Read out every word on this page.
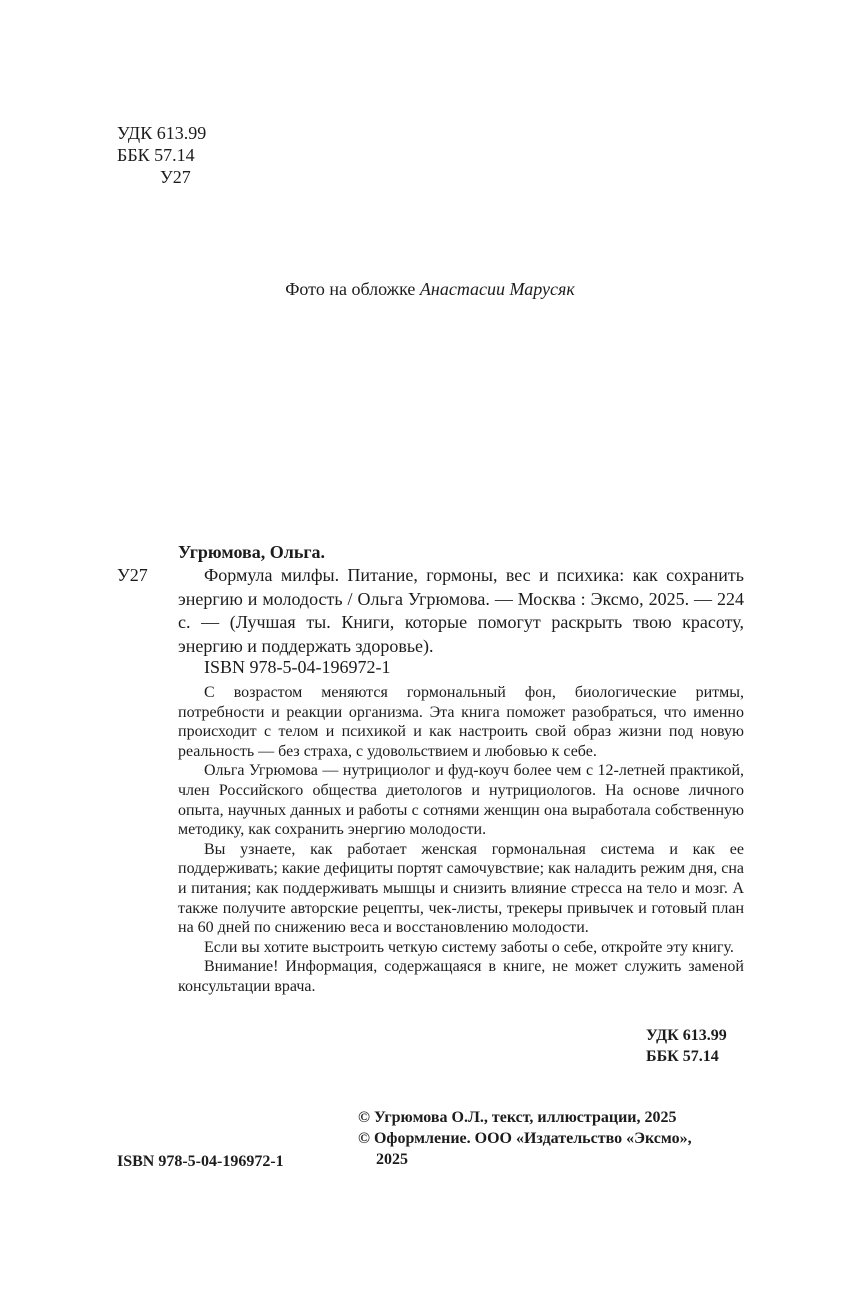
УДК 613.99
ББК 57.14
У27
Фото на обложке Анастасии Марусяк
Угрюмова, Ольга.
У27	Формула милфы. Питание, гормоны, вес и психика: как сохранить энергию и молодость / Ольга Угрюмова. — Москва : Эксмо, 2025. — 224 с. — (Лучшая ты. Книги, которые помогут раскрыть твою красоту, энергию и поддержать здоровье).
ISBN 978-5-04-196972-1

С возрастом меняются гормональный фон, биологические ритмы, потребности и реакции организма. Эта книга поможет разобраться, что именно происходит с телом и психикой и как настроить свой образ жизни под новую реальность — без страха, с удовольствием и любовью к себе.

Ольга Угрюмова — нутрициолог и фуд-коуч более чем с 12-летней практикой, член Российского общества диетологов и нутрициологов. На основе личного опыта, научных данных и работы с сотнями женщин она выработала собственную методику, как сохранить энергию молодости.

Вы узнаете, как работает женская гормональная система и как ее поддерживать; какие дефициты портят самочувствие; как наладить режим дня, сна и питания; как поддерживать мышцы и снизить влияние стресса на тело и мозг. А также получите авторские рецепты, чек-листы, трекеры привычек и готовый план на 60 дней по снижению веса и восстановлению молодости.

Если вы хотите выстроить четкую систему заботы о себе, откройте эту книгу.

Внимание! Информация, содержащаяся в книге, не может служить заменой консультации врача.

УДК 613.99
ББК 57.14
© Угрюмова О.Л., текст, иллюстрации, 2025
© Оформление. ООО «Издательство «Эксмо»,
2025
ISBN 978-5-04-196972-1
